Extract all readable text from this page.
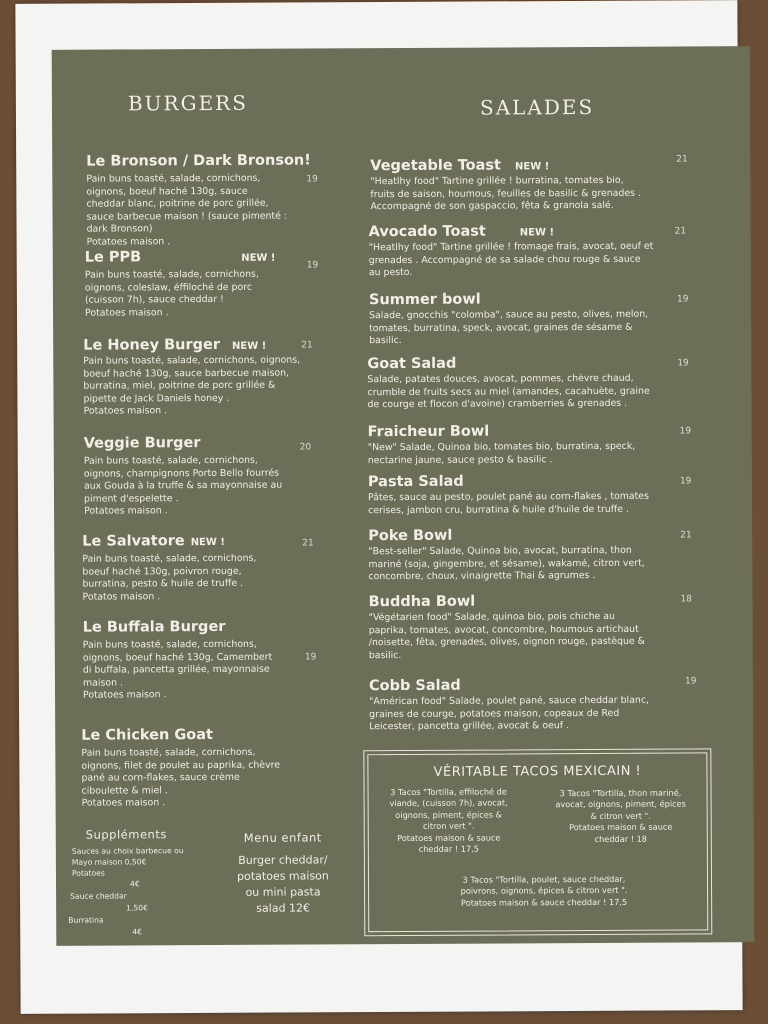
BURGERS
Le Bronson / Dark Bronson!
19
Pain buns toasté, salade, cornichons,
oignons, boeuf haché 130g, sauce
cheddar blanc, poitrine de porc grillée,
sauce barbecue maison ! (sauce pimenté :
dark Bronson)
Potatoes maison .
Le PPB	NEW !
19
Pain buns toasté, salade, cornichons,
oignons, coleslaw, éffiloché de porc
(cuisson 7h), sauce cheddar !
Potatoes maison .
Le Honey Burger NEW !	21
Pain buns toasté, salade, cornichons, oignons,
boeuf haché 130g, sauce barbecue maison,
burratina, miel, poitrine de porc grillée &
pipette de Jack Daniels honey .
Potatoes maison .
Veggie Burger	20
Pain buns toasté, salade, cornichons,
oignons, champignons Porto Bello fourrés
aux Gouda à la truffe & sa mayonnaise au
piment d'espelette .
Potatoes maison .
Le Salvatore NEW !	21
Pain buns toasté, salade, cornichons,
boeuf haché 130g, poivron rouge,
burratina, pesto & huile de truffe .
Potatos maison .
Le Buffala Burger
19
Pain buns toasté, salade, cornichons,
oignons, boeuf haché 130g, Camembert
di buffala, pancetta grillée, mayonnaise
maison .
Potatoes maison .
Le Chicken Goat
Pain buns toasté, salade, cornichons,
oignons, filet de poulet au paprika, chèvre
pané au corn-flakes, sauce crème
ciboulette & miel .
Potatoes maison .
Suppléments
Sauces au choix barbecue ou
Mayo maison 0,50€
Potatoes
4€
Sauce cheddar
1,50€
Burratina
4€
Menu enfant
Burger cheddar/
potatoes maison
ou mini pasta
salad 12€
SALADES
Vegetable Toast NEW !
21
"Heatlhy food" Tartine grillée ! burratina, tomates bio,
fruits de saison, houmous, feuilles de basilic & grenades .
Accompagné de son gaspaccio, fêta & granola salé.
Avocado Toast	NEW !	21
"Heatlhy food" Tartine grillée ! fromage frais, avocat, oeuf et
grenades . Accompagné de sa salade chou rouge & sauce
au pesto.
Summer bowl	19
Salade, gnocchis "colomba", sauce au pesto, olives, melon,
tomates, burratina, speck, avocat, graines de sésame &
basilic.
Goat Salad	19
Salade, patates douces, avocat, pommes, chèvre chaud,
crumble de fruits secs au miel (amandes, cacahuète, graine
de courge et flocon d'avoine) cramberries & grenades .
Fraicheur Bowl	19
"New" Salade, Quinoa bio, tomates bio, burratina, speck,
nectarine jaune, sauce pesto & basilic .
Pasta Salad	19
Pâtes, sauce au pesto, poulet pané au corn-flakes , tomates
cerises, jambon cru, burratina & huile d'huile de truffe .
Poke Bowl	21
"Best-seller" Salade, Quinoa bio, avocat, burratina, thon
mariné (soja, gingembre, et sésame), wakamé, citron vert,
concombre, choux, vinaigrette Thai & agrumes .
Buddha Bowl	18
"Végétarien food" Salade, quinoa bio, pois chiche au
paprika, tomates, avocat, concombre, houmous artichaut
/noisette, fêta, grenades, olives, oignon rouge, pastèque &
basilic.
Cobb Salad	19
"Américan food" Salade, poulet pané, sauce cheddar blanc,
graines de courge, potatoes maison, copeaux de Red
Leicester, pancetta grillée, avocat & oeuf .
VÉRITABLE TACOS MEXICAIN !
3 Tacos "Tortilla, effiloché de
viande, (cuisson 7h), avocat,
oignons, piment, épices &
citron vert ".
Potatoes maison & sauce
cheddar ! 17,5
3 Tacos "Tortilla, thon mariné,
avocat, oignons, piment, épices
& citron vert ".
Potatoes maison & sauce
cheddar ! 18
3 Tacos "Tortilla, poulet, sauce cheddar,
poivrons, oignons, épices & citron vert ".
Potatoes maison & sauce cheddar ! 17,5
